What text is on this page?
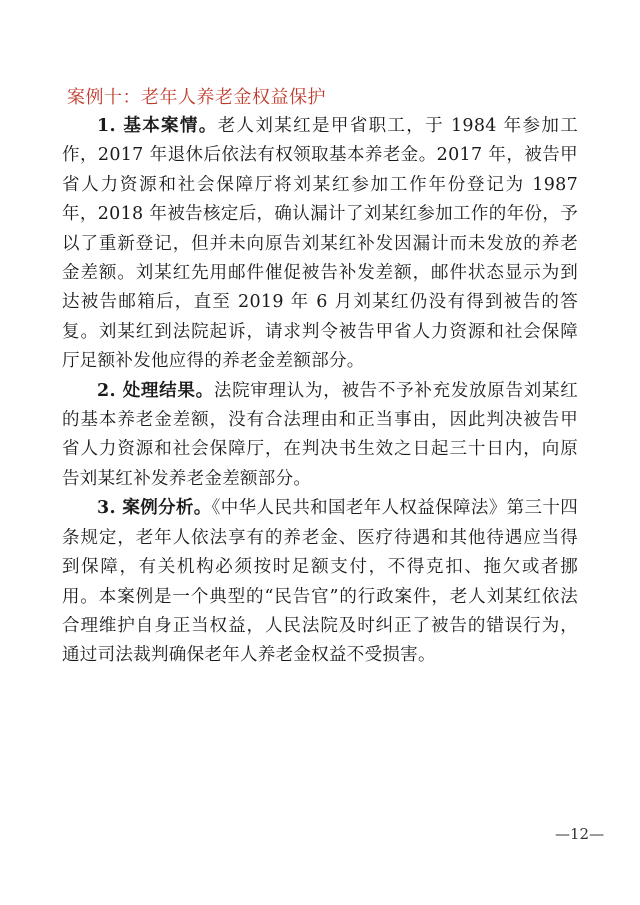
案例十：老年人养老金权益保护

1. 基本案情。老人刘某红是甲省职工，于 1984 年参加工作，2017 年退休后依法有权领取基本养老金。2017 年，被告甲省人力资源和社会保障厅将刘某红参加工作年份登记为 1987 年，2018 年被告核定后，确认漏计了刘某红参加工作的年份，予以了重新登记，但并未向原告刘某红补发因漏计而未发放的养老金差额。刘某红先用邮件催促被告补发差额，邮件状态显示为到达被告邮箱后，直至 2019 年 6 月刘某红仍没有得到被告的答复。刘某红到法院起诉，请求判令被告甲省人力资源和社会保障厅足额补发他应得的养老金差额部分。

2. 处理结果。法院审理认为，被告不予补充发放原告刘某红的基本养老金差额，没有合法理由和正当事由，因此判决被告甲省人力资源和社会保障厅，在判决书生效之日起三十日内，向原告刘某红补发养老金差额部分。

3. 案例分析。《中华人民共和国老年人权益保障法》第三十四条规定，老年人依法享有的养老金、医疗待遇和其他待遇应当得到保障，有关机构必须按时足额支付，不得克扣、拖欠或者挪用。本案例是一个典型的“民告官”的行政案件，老人刘某红依法合理维护自身正当权益，人民法院及时纠正了被告的错误行为，通过司法裁判确保老年人养老金权益不受损害。

—12—
